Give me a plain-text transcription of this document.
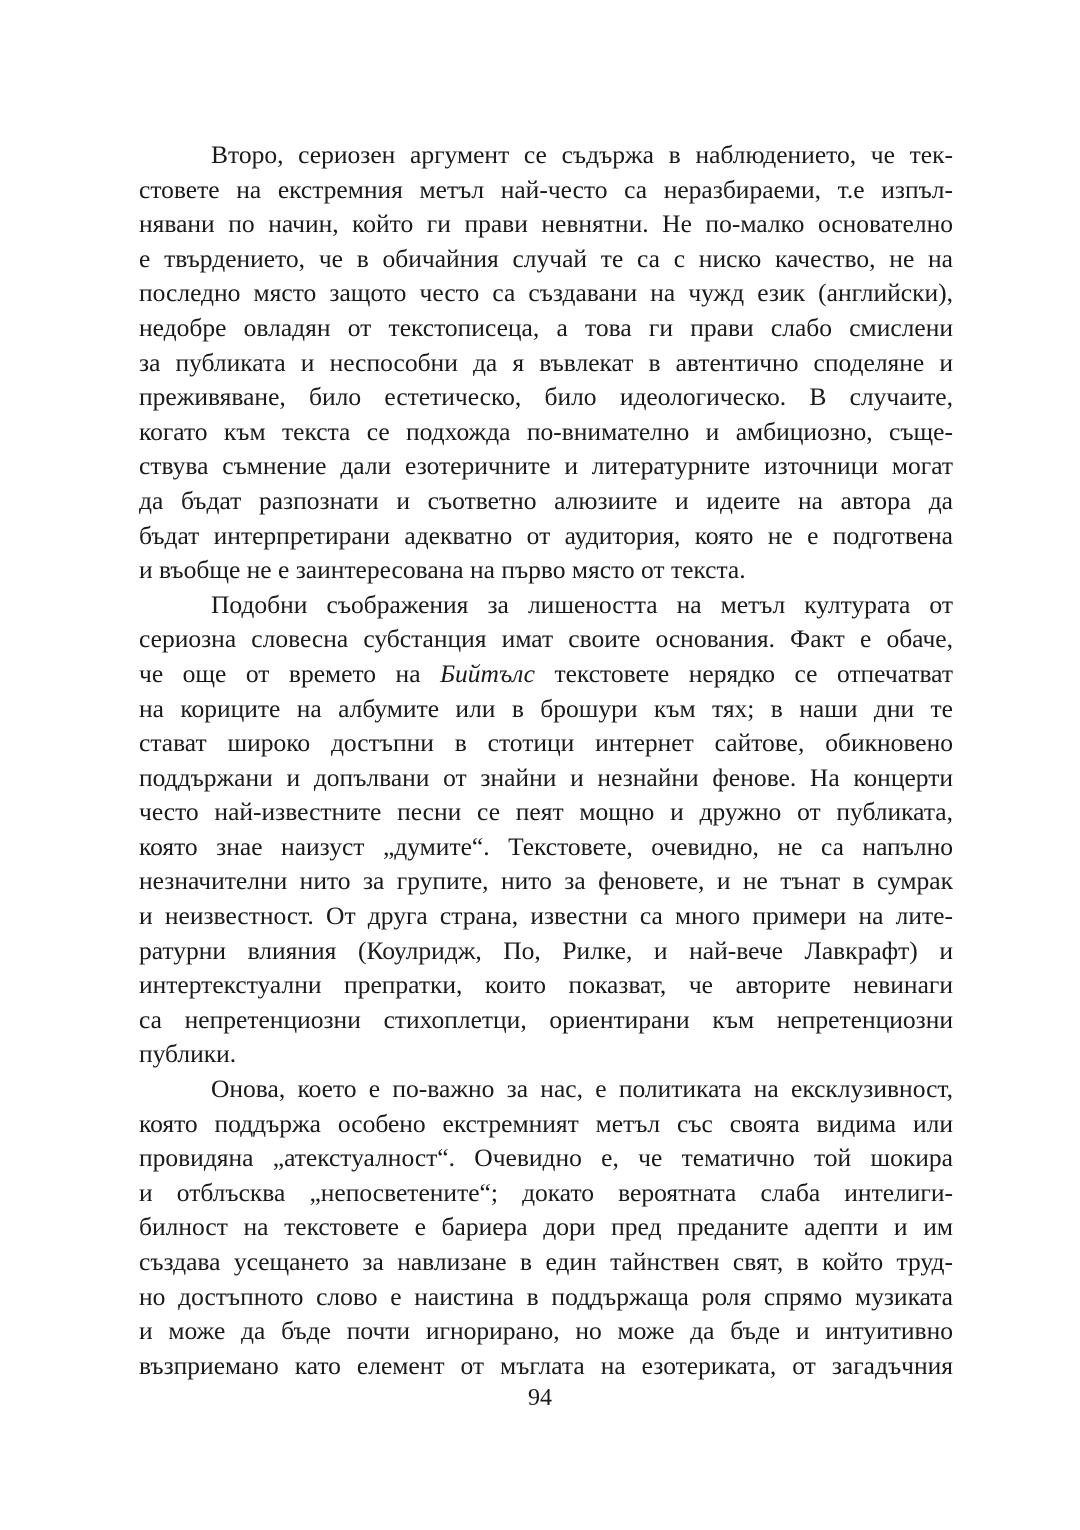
Второ, сериозен аргумент се съдържа в наблюдението, че тек-
стовете на екстремния метъл най-често са неразбираеми, т.е изпъл-
нявани по начин, който ги прави невнятни. Не по-малко основателно
е твърдението, че в обичайния случай те са с ниско качество, не на
последно място защото често са създавани на чужд език (английски),
недобре овладян от текстописеца, а това ги прави слабо смислени
за публиката и неспособни да я въвлекат в автентично споделяне и
преживяване, било естетическо, било идеологическо. В случаите,
когато към текста се подхожда по-внимателно и амбициозно, съще-
ствува съмнение дали езотеричните и литературните източници могат
да бъдат разпознати и съответно алюзиите и идеите на автора да
бъдат интерпретирани адекватно от аудитория, която не е подготвена
и въобще не е заинтересована на първо място от текста.
Подобни съображения за лишеността на метъл културата от
сериозна словесна субстанция имат своите основания. Факт е обаче,
че още от времето на Бийтълс текстовете нерядко се отпечатват
на кориците на албумите или в брошури към тях; в наши дни те
стават широко достъпни в стотици интернет сайтове, обикновено
поддържани и допълвани от знайни и незнайни фенове. На концерти
често най-известните песни се пеят мощно и дружно от публиката,
която знае наизуст „думите“. Текстовете, очевидно, не са напълно
незначителни нито за групите, нито за феновете, и не тънат в сумрак
и неизвестност. От друга страна, известни са много примери на лите-
ратурни влияния (Коулридж, По, Рилке, и най-вече Лавкрафт) и
интертекстуални препратки, които показват, че авторите невинаги
са непретенциозни стихоплетци, ориентирани към непретенциозни
публики.
Онова, което е по-важно за нас, е политиката на ексклузивност,
която поддържа особено екстремният метъл със своята видима или
провидяна „атекстуалност“. Очевидно е, че тематично той шокира
и отблъсква „непосветените“; докато вероятната слаба интелиги-
билност на текстовете е бариера дори пред преданите адепти и им
създава усещането за навлизане в един тайнствен свят, в който труд-
но достъпното слово е наистина в поддържаща роля спрямо музиката
и може да бъде почти игнорирано, но може да бъде и интуитивно
възприемано като елемент от мъглата на езотериката, от загадъчния
94
